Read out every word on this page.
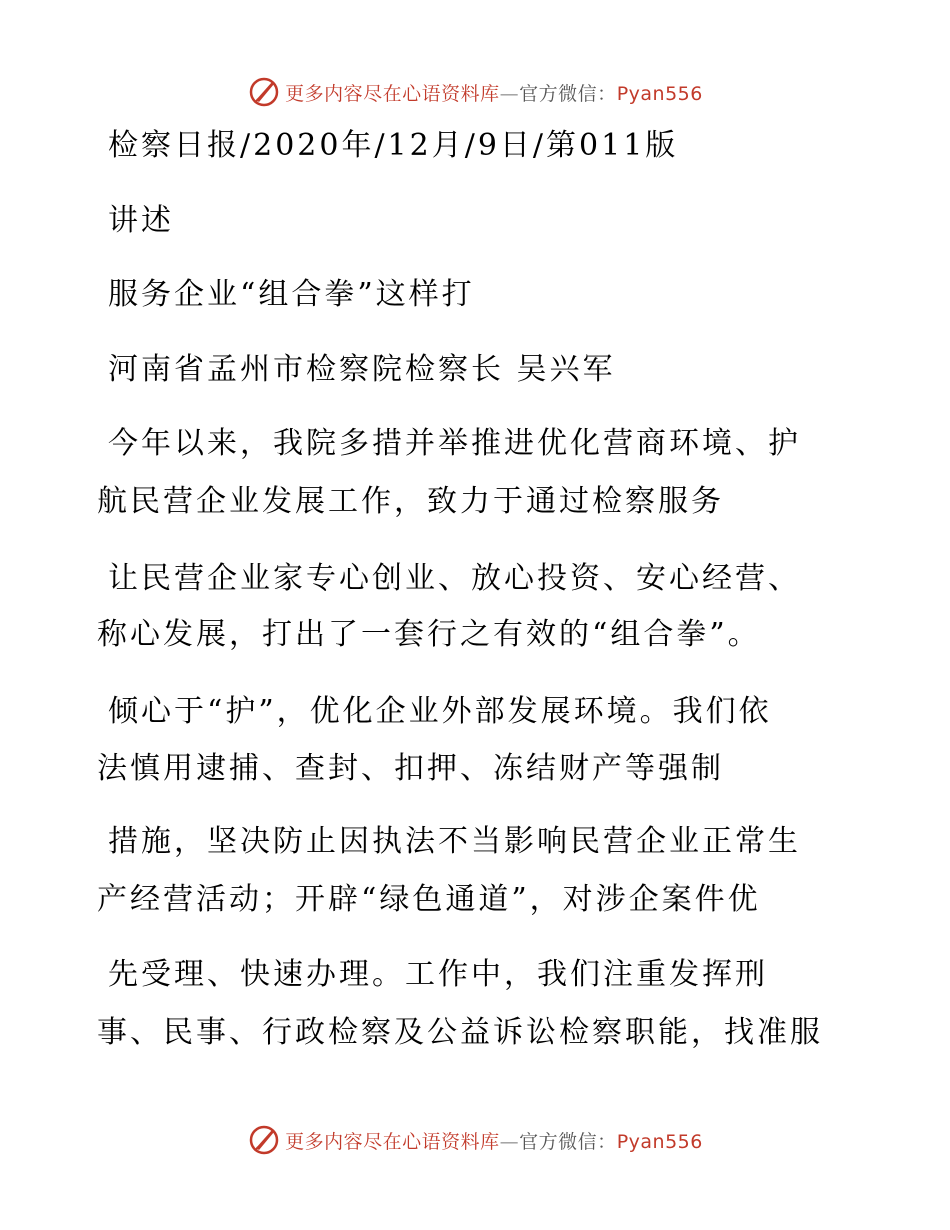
更多内容尽在心语资料库—官方微信：Pyan556
检察日报/2020年/12月/9日/第011版
讲述
服务企业“组合拳”这样打
河南省孟州市检察院检察长 吴兴军
今年以来，我院多措并举推进优化营商环境、护
航民营企业发展工作，致力于通过检察服务
让民营企业家专心创业、放心投资、安心经营、
称心发展，打出了一套行之有效的“组合拳”。
倾心于“护”，优化企业外部发展环境。我们依
法慎用逮捕、查封、扣押、冻结财产等强制
措施，坚决防止因执法不当影响民营企业正常生
产经营活动；开辟“绿色通道”，对涉企案件优
先受理、快速办理。工作中，我们注重发挥刑
事、民事、行政检察及公益诉讼检察职能，找准服
更多内容尽在心语资料库—官方微信：Pyan556
